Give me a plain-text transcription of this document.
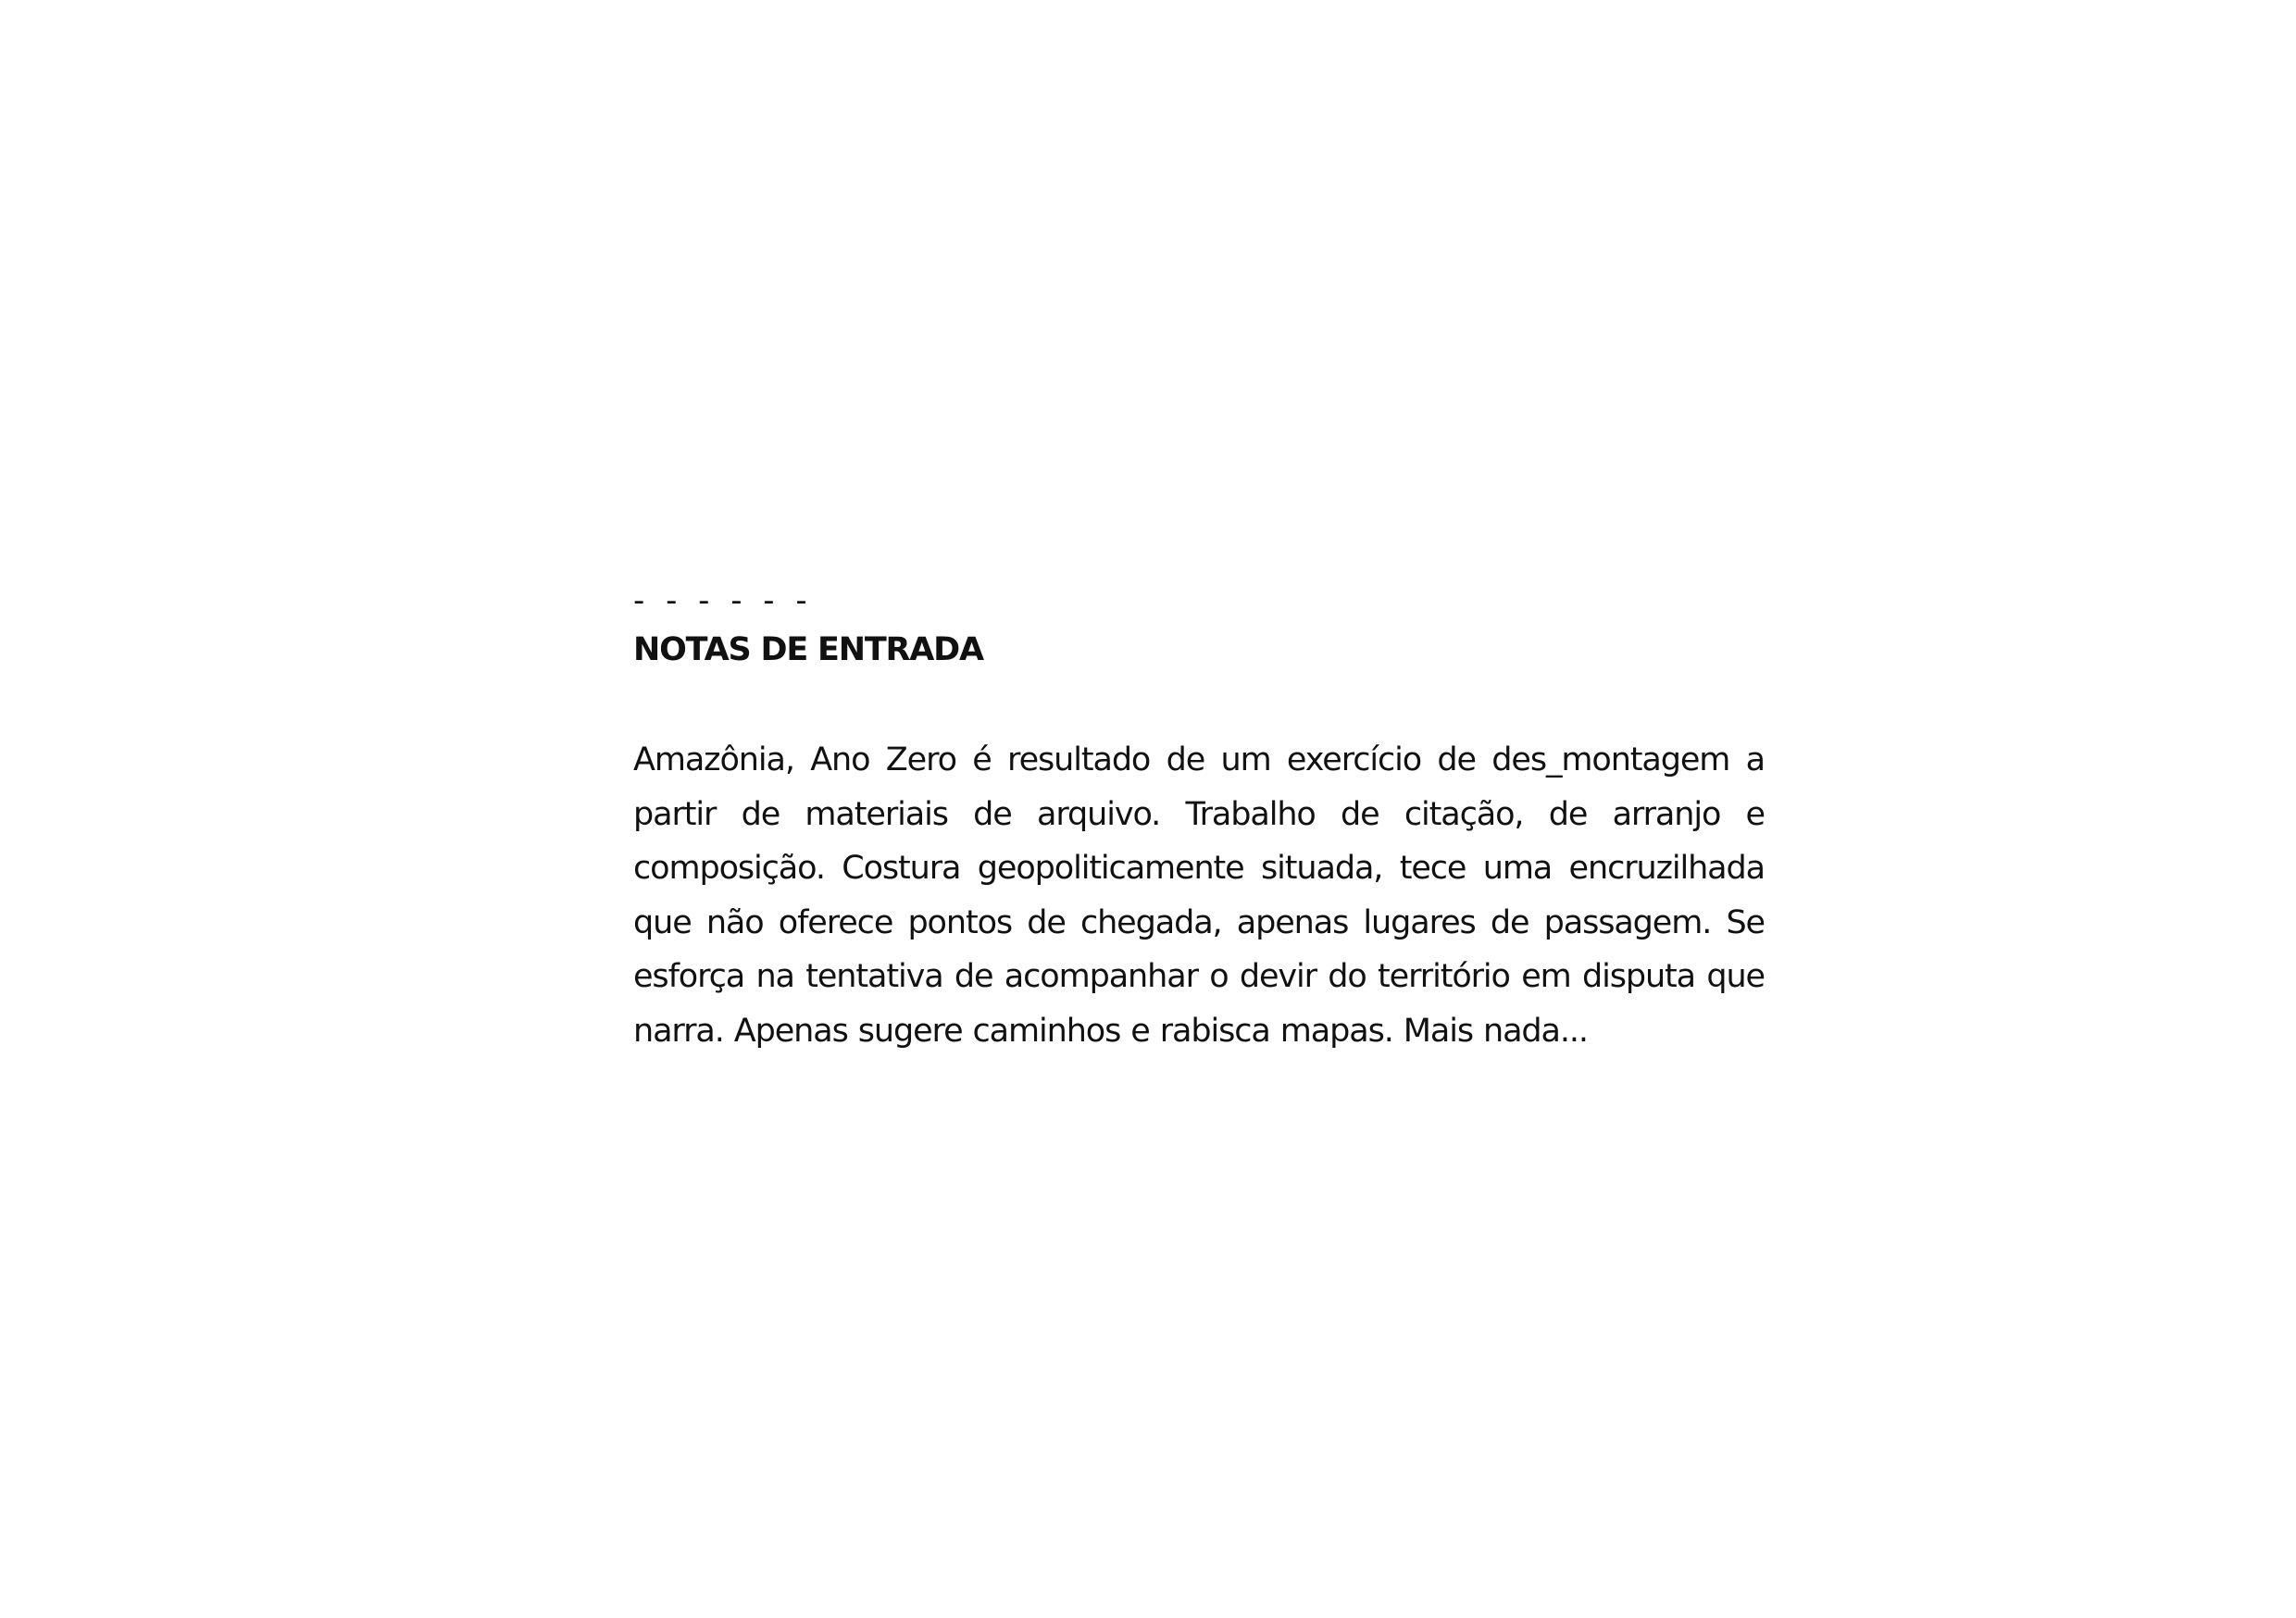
- - - - - -

NOTAS DE ENTRADA

Amazônia, Ano Zero é resultado de um exercício de des_montagem a partir de materiais de arquivo. Trabalho de citação, de arranjo e composição. Costura geopoliticamente situada, tece uma encruzilhada que não oferece pontos de chegada, apenas lugares de passagem. Se esforça na tentativa de acompanhar o devir do território em disputa que narra. Apenas sugere caminhos e rabisca mapas. Mais nada...
